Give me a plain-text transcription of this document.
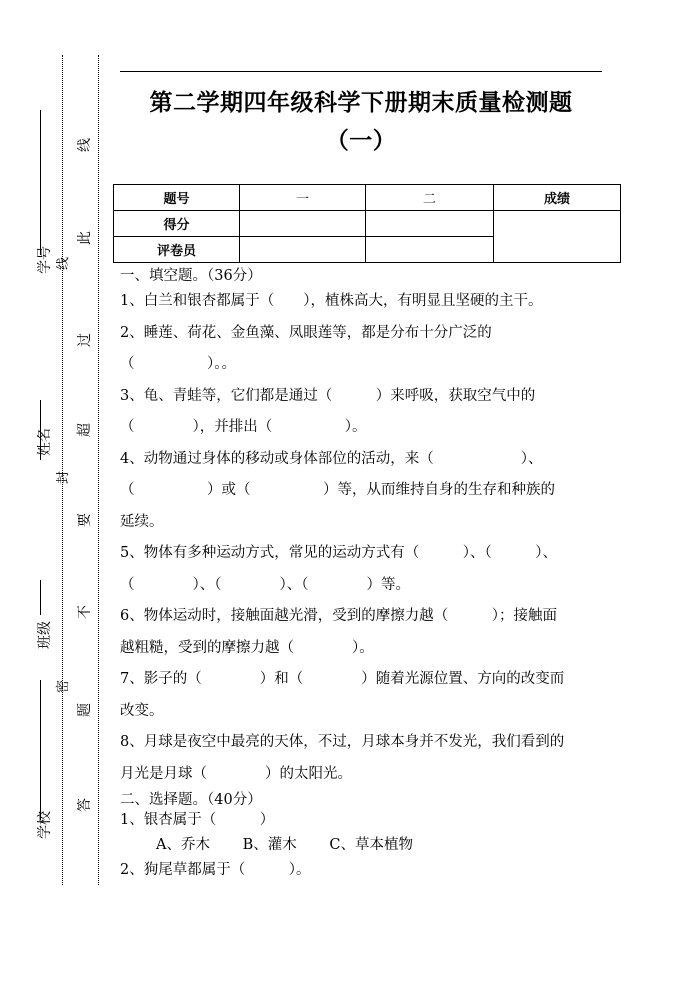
学号
姓名
班级
学校
线
此
过
超
要
不
题
答
线
封
密
第二学期四年级科学下册期末质量检测题
（一）
题号	一	二	成绩
得分			
评卷员			
一、填空题。（36分）
1、白兰和银杏都属于（　　），植株高大，有明显且坚硬的主干。
2、睡莲、荷花、金鱼藻、凤眼莲等，都是分布十分广泛的
（　　　　　）。。
3、龟、青蛙等，它们都是通过（　　　）来呼吸，获取空气中的
（　　　　），并排出（　　　　　）。
4、动物通过身体的移动或身体部位的活动，来（　　　　　　）、
（　　　　　）或（　　　　　）等，从而维持自身的生存和种族的
延续。
5、物体有多种运动方式，常见的运动方式有（　　　）、（　　　）、
（　　　　）、（　　　　）、（　　　　）等。
6、物体运动时，接触面越光滑，受到的摩擦力越（　　　）；接触面
越粗糙，受到的摩擦力越（　　　　）。
7、影子的（　　　　）和（　　　　）随着光源位置、方向的改变而
改变。
8、月球是夜空中最亮的天体，不过，月球本身并不发光，我们看到的
月光是月球（　　　　）的太阳光。
二、选择题。（40分）
1、银杏属于（　　　）
A、乔木 B、灌木 C、草本植物
2、狗尾草都属于（　　　）。
